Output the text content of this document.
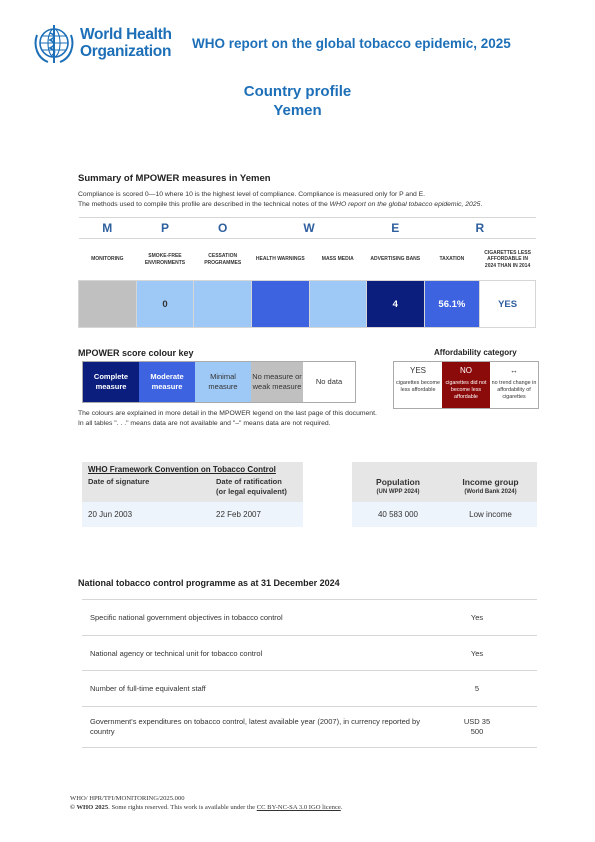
World Health
Organization WHO report on the global tobacco epidemic, 2025
Country profile
Yemen
Summary of MPOWER measures in Yemen
Compliance is scored 0—10 where 10 is the highest level of compliance. Compliance is measured only for P and E.
The methods used to compile this profile are described in the technical notes of the WHO report on the global tobacco epidemic, 2025.
M	P	O	W		E	R	
MONITORING	SMOKE-FREE ENVIRONMENTS	CESSATION PROGRAMMES	HEALTH WARNINGS	MASS MEDIA	ADVERTISING BANS	TAXATION	CIGARETTES LESS AFFORDABLE IN 2024 THAN IN 2014
	0				4	56.1%	YES
MPOWER score colour key
Complete measure
Moderate measure
Minimal measure
No measure or weak measure
No data
Affordability category
YES
cigarettes become less affordable
NO
cigarettes did not become less affordable
↔
no trend change in affordability of cigarettes
The colours are explained in more detail in the MPOWER legend on the last page of this document.
In all tables ". . ." means data are not available and "–" means data are not required.
WHO Framework Convention on Tobacco Control
Date of signature	Date of ratification
(or legal equivalent)
20 Jun 2003	22 Feb 2007
Population
(UN WPP 2024)
Income group
(World Bank 2024)
40 583 000	Low income
National tobacco control programme as at 31 December 2024
Specific national government objectives in tobacco control	Yes
National agency or technical unit for tobacco control	Yes
Number of full-time equivalent staff	5
Government's expenditures on tobacco control, latest available year (2007), in currency reported by country
USD 35 500
WHO/ HPR/TFI/MONITORING/2025.000
© WHO 2025. Some rights reserved. This work is available under the CC BY-NC-SA 3.0 IGO licence.
